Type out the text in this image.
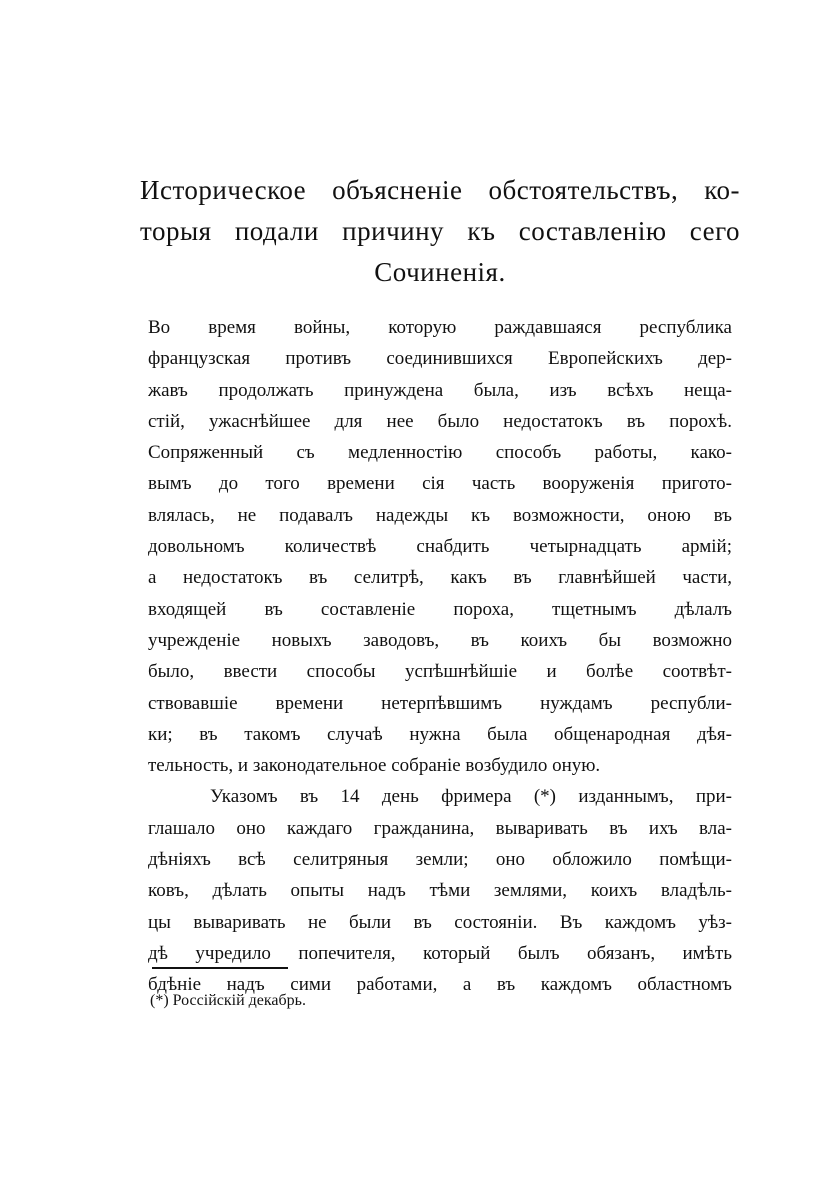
Историческое объясненіе обстоятельствъ, ко-
торыя подали причину къ составленію сего
Сочиненія.
Во время войны, которую раждавшаяся республика
французская противъ соединившихся Европейскихъ дер-
жавъ продолжать принуждена была, изъ всѣхъ нещa-
стій, ужаснѣйшее для нее было недостатокъ въ порохѣ.
Сопряженный съ медленностію способъ работы, како-
вымъ до того времени сія часть вооруженія пригото-
влялась, не подавалъ надежды къ возможности, оною въ
довольномъ количествѣ снабдить четырнадцать армій;
а недостатокъ въ селитрѣ, какъ въ главнѣйшей части,
входящей въ составленіе пороха, тщетнымъ дѣлалъ
учрежденіе новыхъ заводовъ, въ коихъ бы возможно
было, ввести способы успѣшнѣйшіе и болѣе соотвѣт-
ствовавшіе времени нетерпѣвшимъ нуждамъ республи-
ки; въ такомъ случаѣ нужна была общенародная дѣя-
тельность, и законодательное собраніе возбудило оную.
Указомъ въ 14 день фримера (*) изданнымъ, при-
глашало оно каждаго гражданина, вываривать въ ихъ вла-
дѣніяхъ всѣ селитряныя земли; оно обложило помѣщи-
ковъ, дѣлать опыты надъ тѣми землями, коихъ владѣль-
цы вываривать не были въ состояніи. Въ каждомъ уѣз-
дѣ учредило попечителя, который былъ обязанъ, имѣть
бдѣніе надъ сими работами, а въ каждомъ областномъ
(*) Россійскій декабрь.
